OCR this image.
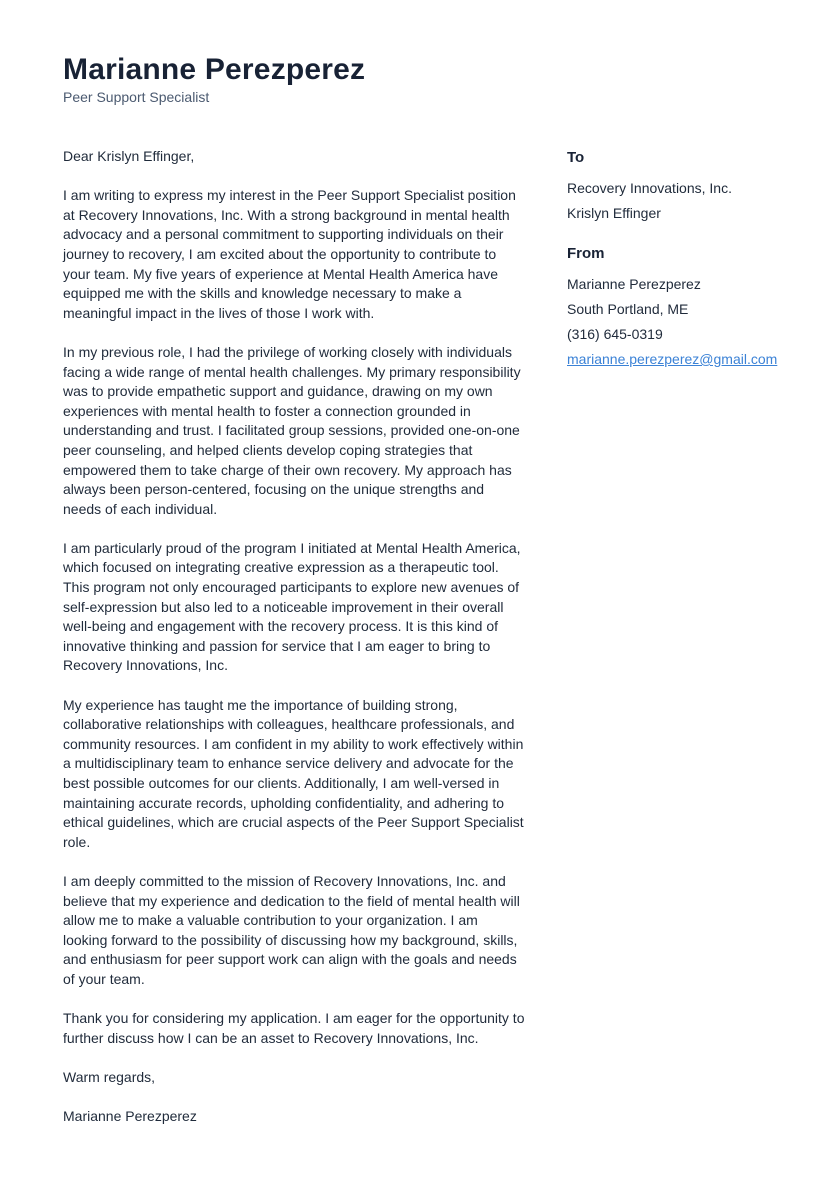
Marianne Perezperez
Peer Support Specialist

Dear Krislyn Effinger,

I am writing to express my interest in the Peer Support Specialist position at Recovery Innovations, Inc. With a strong background in mental health advocacy and a personal commitment to supporting individuals on their journey to recovery, I am excited about the opportunity to contribute to your team. My five years of experience at Mental Health America have equipped me with the skills and knowledge necessary to make a meaningful impact in the lives of those I work with.

In my previous role, I had the privilege of working closely with individuals facing a wide range of mental health challenges. My primary responsibility was to provide empathetic support and guidance, drawing on my own experiences with mental health to foster a connection grounded in understanding and trust. I facilitated group sessions, provided one-on-one peer counseling, and helped clients develop coping strategies that empowered them to take charge of their own recovery. My approach has always been person-centered, focusing on the unique strengths and needs of each individual.

I am particularly proud of the program I initiated at Mental Health America, which focused on integrating creative expression as a therapeutic tool. This program not only encouraged participants to explore new avenues of self-expression but also led to a noticeable improvement in their overall well-being and engagement with the recovery process. It is this kind of innovative thinking and passion for service that I am eager to bring to Recovery Innovations, Inc.

My experience has taught me the importance of building strong, collaborative relationships with colleagues, healthcare professionals, and community resources. I am confident in my ability to work effectively within a multidisciplinary team to enhance service delivery and advocate for the best possible outcomes for our clients. Additionally, I am well-versed in maintaining accurate records, upholding confidentiality, and adhering to ethical guidelines, which are crucial aspects of the Peer Support Specialist role.

I am deeply committed to the mission of Recovery Innovations, Inc. and believe that my experience and dedication to the field of mental health will allow me to make a valuable contribution to your organization. I am looking forward to the possibility of discussing how my background, skills, and enthusiasm for peer support work can align with the goals and needs of your team.

Thank you for considering my application. I am eager for the opportunity to further discuss how I can be an asset to Recovery Innovations, Inc.

Warm regards,

Marianne Perezperez

To
Recovery Innovations, Inc.
Krislyn Effinger
From
Marianne Perezperez
South Portland, ME
(316) 645-0319
marianne.perezperez@gmail.com
